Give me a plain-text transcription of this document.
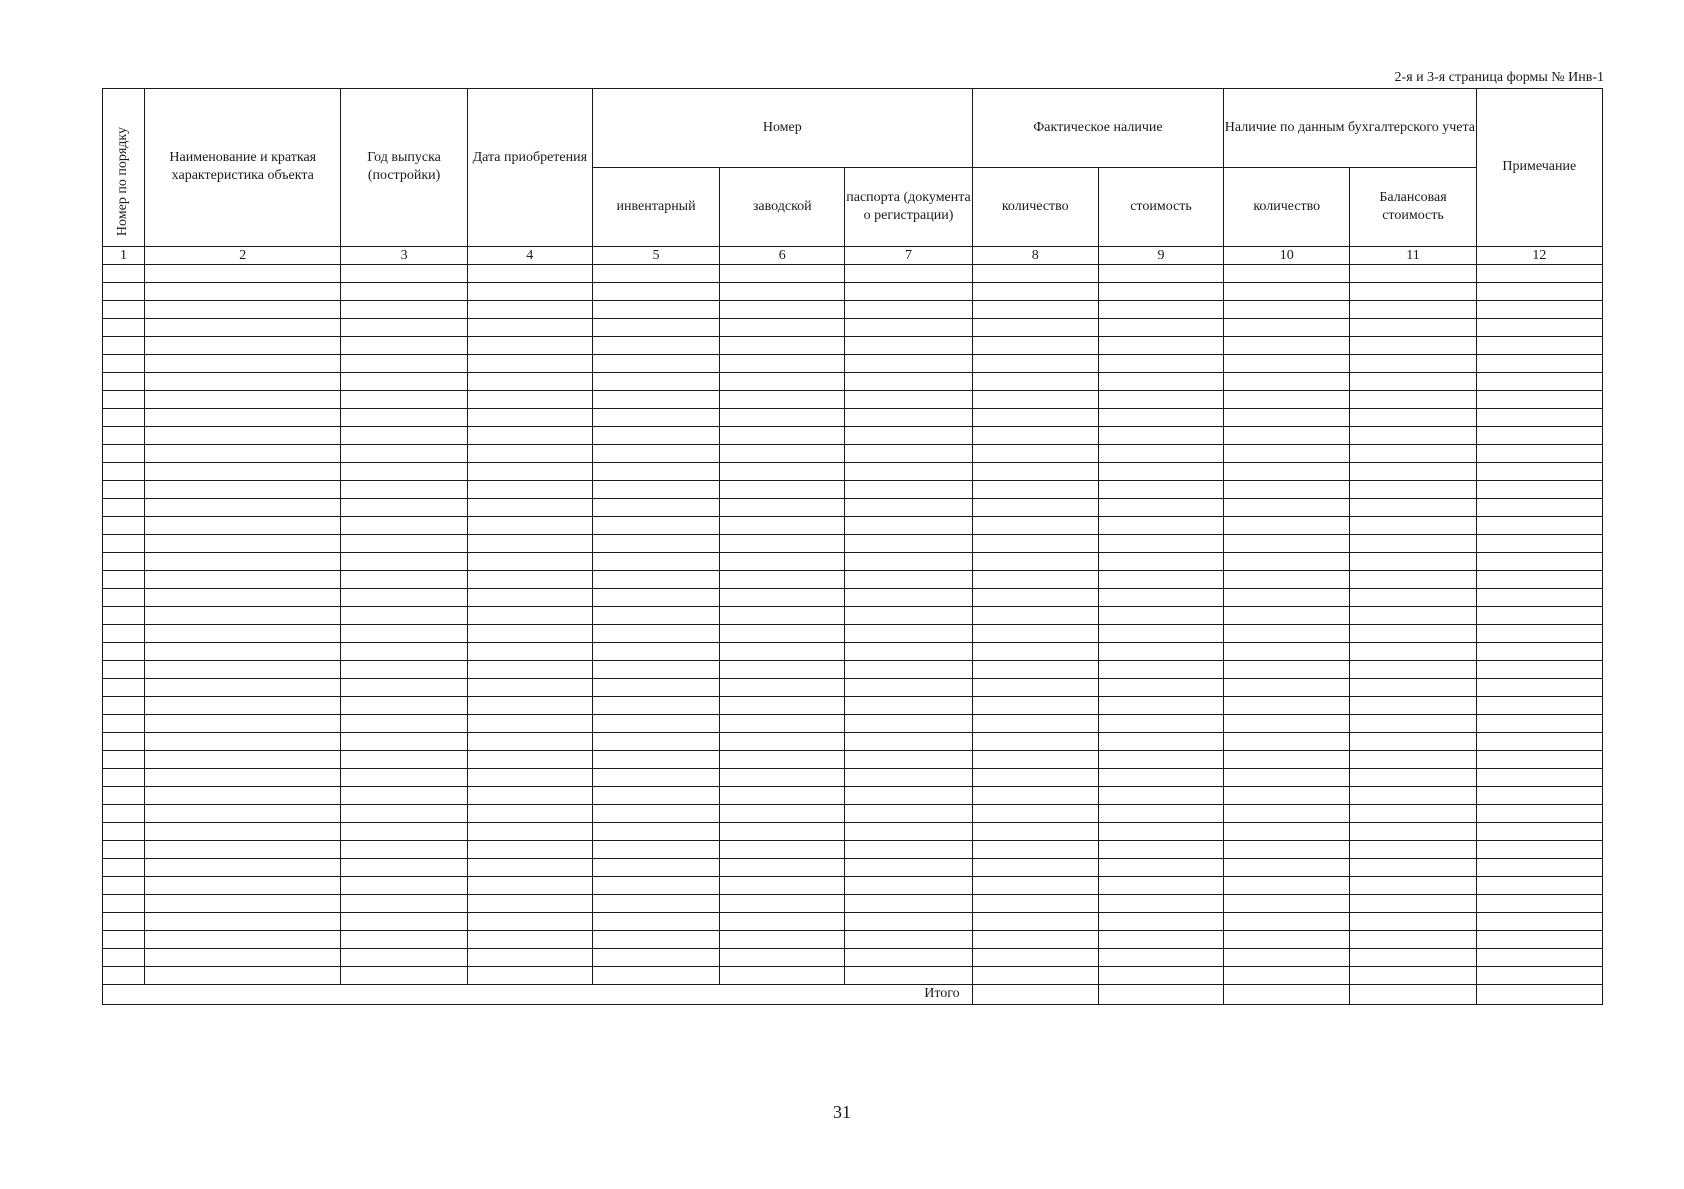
2-я и 3-я страница формы № Инв-1
Номер по порядку	Наименование и краткая характеристика объекта	Год выпуска (постройки)	Дата приобретения	Номер			Фактическое наличие		Наличие по данным бухгалтерского учета		Примечание
				инвентарный	заводской	паспорта (документа о регистрации)	количество	стоимость	количество	Балансовая стоимость	
1	2	3	4	5	6	7	8	9	10	11	12

Итого											
31
